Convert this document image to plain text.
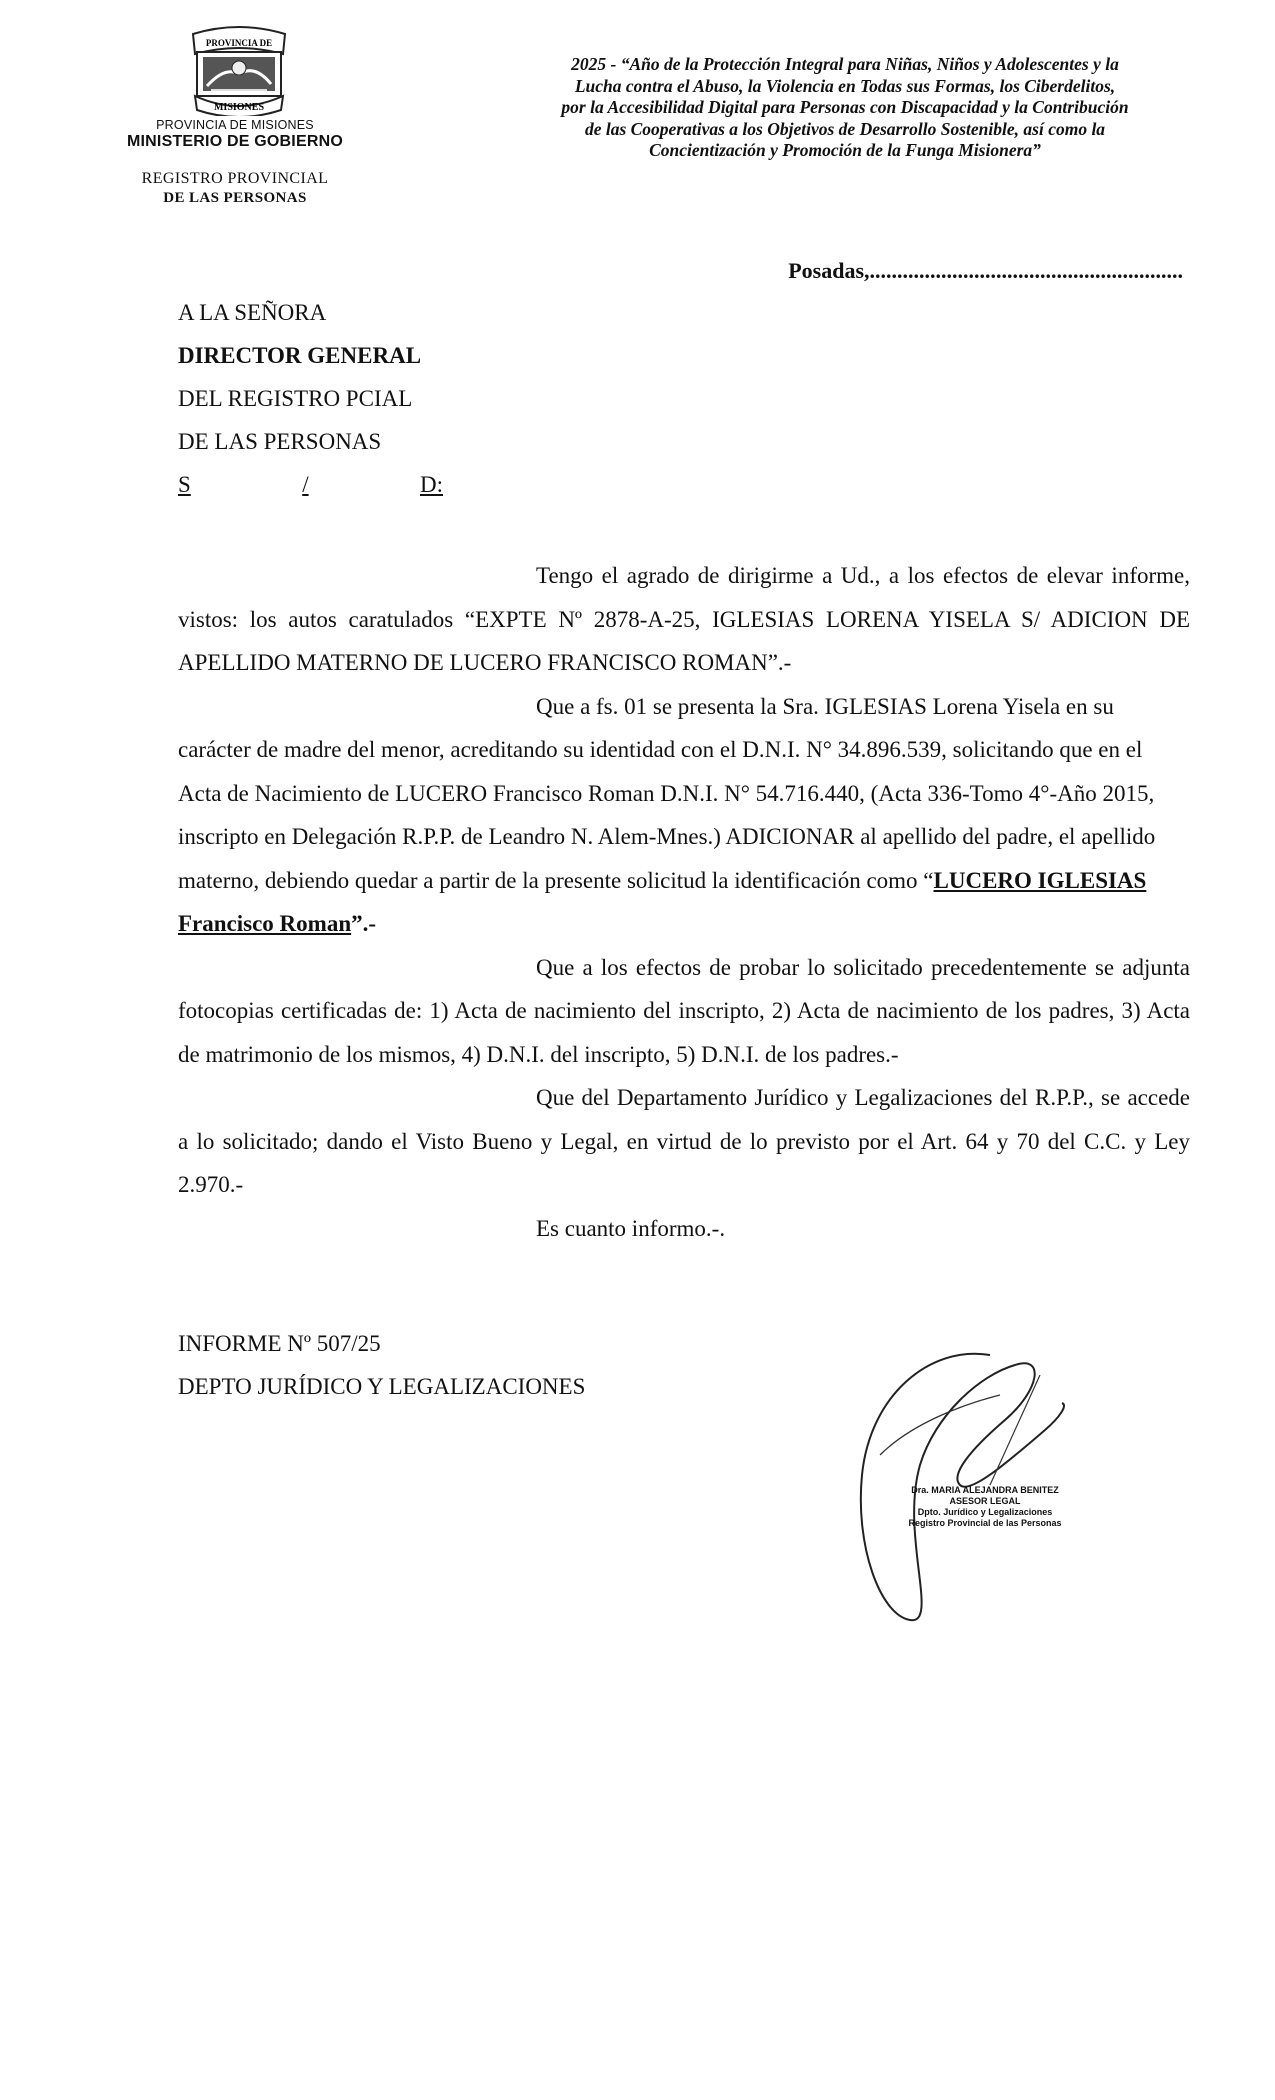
PROVINCIA DE
MISIONES
PROVINCIA DE MISIONES
MINISTERIO DE GOBIERNO
REGISTRO PROVINCIAL
DE LAS PERSONAS
2025 - “Año de la Protección Integral para Niñas, Niños y Adolescentes y la
Lucha contra el Abuso, la Violencia en Todas sus Formas, los Ciberdelitos,
por la Accesibilidad Digital para Personas con Discapacidad y la Contribución
de las Cooperativas a los Objetivos de Desarrollo Sostenible, así como la
Concientización y Promoción de la Funga Misionera”
Posadas,.........................................................
A LA SEÑORA
DIRECTOR GENERAL
DEL REGISTRO PCIAL
DE LAS PERSONAS
S	/	D:

Tengo el agrado de dirigirme a Ud., a los efectos de elevar informe, vistos: los autos caratulados “EXPTE Nº 2878-A-25, IGLESIAS LORENA YISELA S/ ADICION DE APELLIDO MATERNO DE LUCERO FRANCISCO ROMAN”.-

Que a fs. 01 se presenta la Sra. IGLESIAS Lorena Yisela en su carácter de madre del menor, acreditando su identidad con el D.N.I. N° 34.896.539, solicitando que en el Acta de Nacimiento de LUCERO Francisco Roman D.N.I. N° 54.716.440, (Acta 336-Tomo 4°-Año 2015, inscripto en Delegación R.P.P. de Leandro N. Alem-Mnes.) ADICIONAR al apellido del padre, el apellido materno, debiendo quedar a partir de la presente solicitud la identificación como “LUCERO IGLESIAS Francisco Roman”.-

Que a los efectos de probar lo solicitado precedentemente se adjunta fotocopias certificadas de: 1) Acta de nacimiento del inscripto, 2) Acta de nacimiento de los padres, 3) Acta de matrimonio de los mismos, 4) D.N.I. del inscripto, 5) D.N.I. de los padres.-

Que del Departamento Jurídico y Legalizaciones del R.P.P., se accede a lo solicitado; dando el Visto Bueno y Legal, en virtud de lo previsto por el Art. 64 y 70 del C.C. y Ley 2.970.-

Es cuanto informo.-.

INFORME Nº 507/25
DEPTO JURÍDICO Y LEGALIZACIONES
Dra. MARIA ALEJANDRA BENITEZ
ASESOR LEGAL
Dpto. Jurídico y Legalizaciones
Registro Provincial de las Personas
